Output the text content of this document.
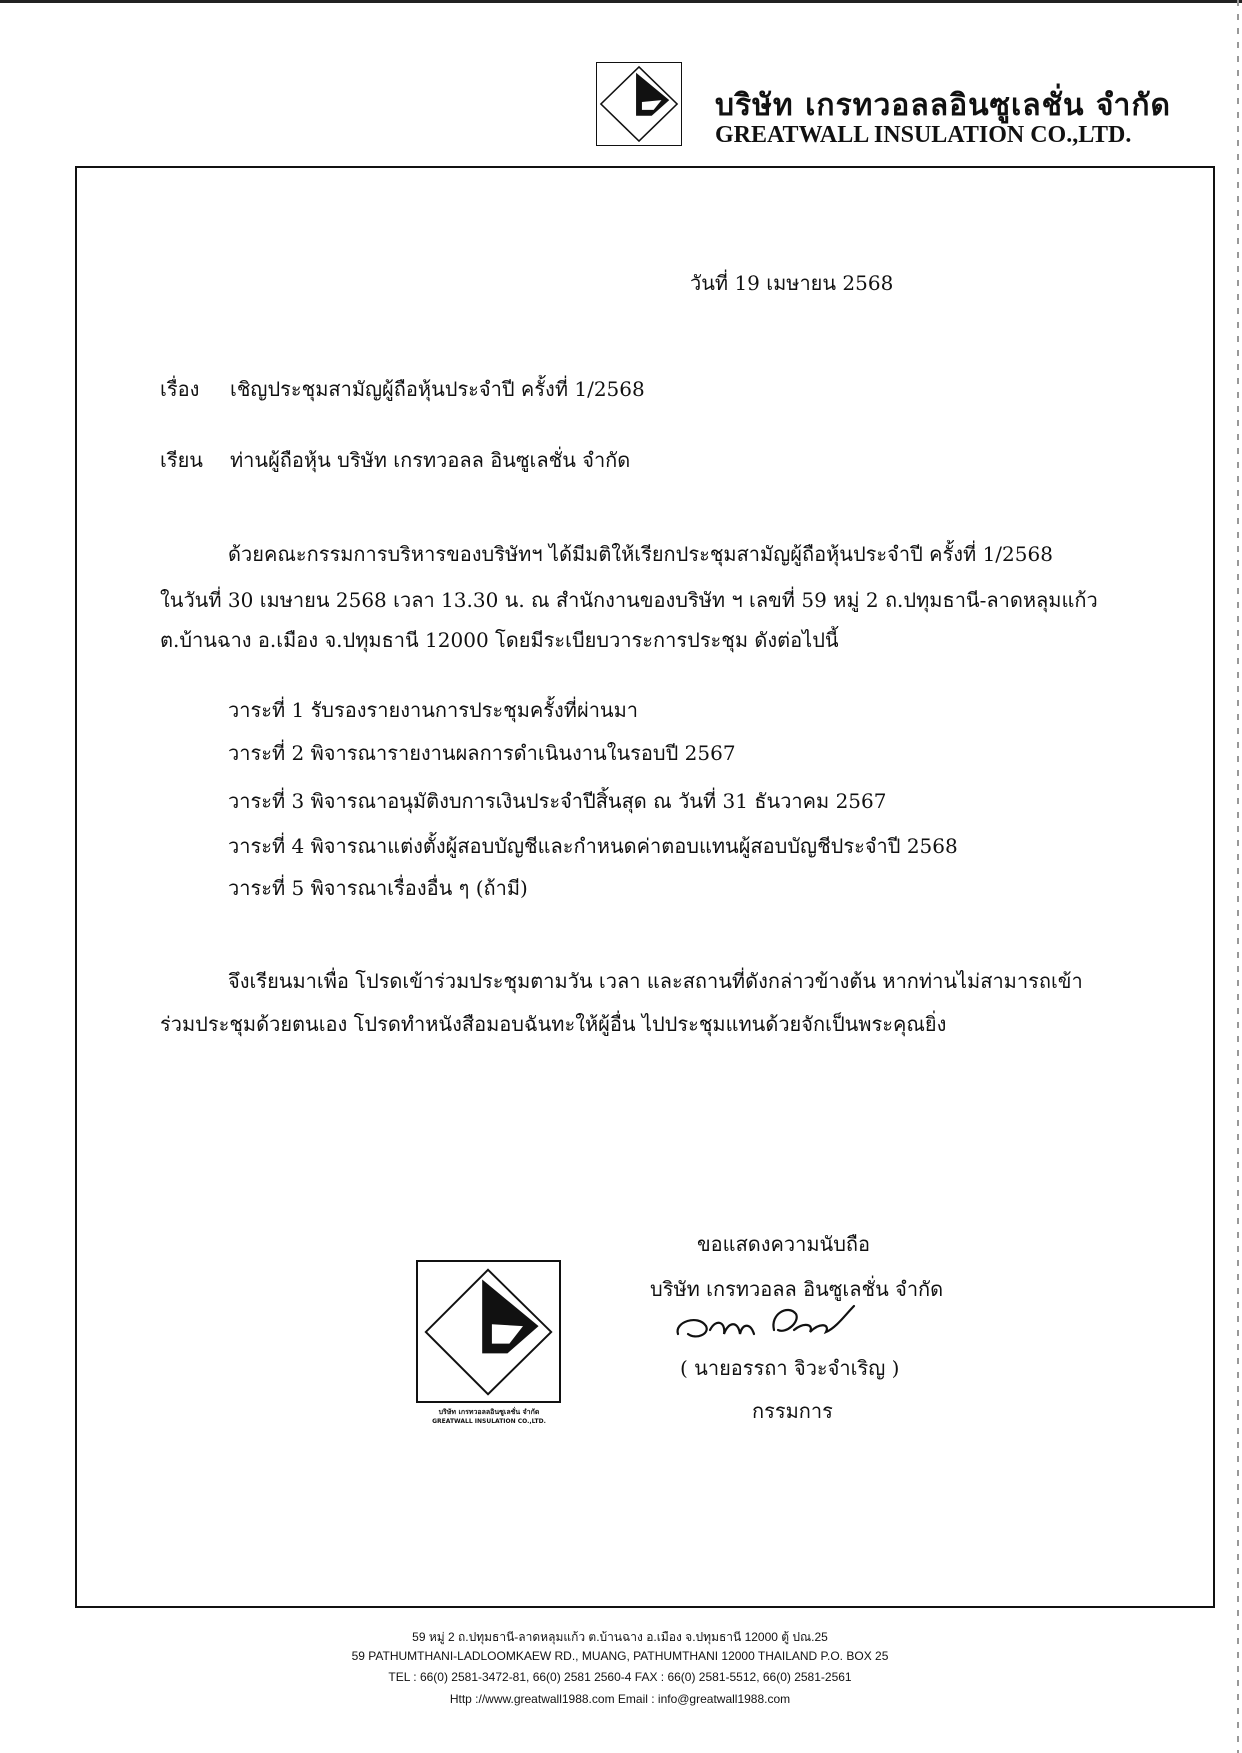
บริษัท เกรทวอลลอินซูเลชั่น จำกัด
GREATWALL INSULATION CO.,LTD.
วันที่ 19 เมษายน 2568
เรื่อง เชิญประชุมสามัญผู้ถือหุ้นประจำปี ครั้งที่ 1/2568
เรียน ท่านผู้ถือหุ้น บริษัท เกรทวอลล อินซูเลชั่น จำกัด
ด้วยคณะกรรมการบริหารของบริษัทฯ ได้มีมติให้เรียกประชุมสามัญผู้ถือหุ้นประจำปี ครั้งที่ 1/2568
ในวันที่ 30 เมษายน 2568 เวลา 13.30 น. ณ สำนักงานของบริษัท ฯ เลขที่ 59 หมู่ 2 ถ.ปทุมธานี-ลาดหลุมแก้ว
ต.บ้านฉาง อ.เมือง จ.ปทุมธานี 12000 โดยมีระเบียบวาระการประชุม ดังต่อไปนี้
วาระที่ 1 รับรองรายงานการประชุมครั้งที่ผ่านมา
วาระที่ 2 พิจารณารายงานผลการดำเนินงานในรอบปี 2567
วาระที่ 3 พิจารณาอนุมัติงบการเงินประจำปีสิ้นสุด ณ วันที่ 31 ธันวาคม 2567
วาระที่ 4 พิจารณาแต่งตั้งผู้สอบบัญชีและกำหนดค่าตอบแทนผู้สอบบัญชีประจำปี 2568
วาระที่ 5 พิจารณาเรื่องอื่น ๆ (ถ้ามี)
จึงเรียนมาเพื่อ โปรดเข้าร่วมประชุมตามวัน เวลา และสถานที่ดังกล่าวข้างต้น หากท่านไม่สามารถเข้า
ร่วมประชุมด้วยตนเอง โปรดทำหนังสือมอบฉันทะให้ผู้อื่น ไปประชุมแทนด้วยจักเป็นพระคุณยิ่ง
บริษัท เกรทวอลลอินซูเลชั่น จำกัด
GREATWALL INSULATION CO.,LTD.
ขอแสดงความนับถือ
บริษัท เกรทวอลล อินซูเลชั่น จำกัด
( นายอรรถา จิวะจำเริญ )
กรรมการ
59 หมู่ 2 ถ.ปทุมธานี-ลาดหลุมแก้ว ต.บ้านฉาง อ.เมือง จ.ปทุมธานี 12000 ตู้ ปณ.25
59 PATHUMTHANI-LADLOOMKAEW RD., MUANG, PATHUMTHANI 12000 THAILAND P.O. BOX 25
TEL : 66(0) 2581-3472-81, 66(0) 2581 2560-4 FAX : 66(0) 2581-5512, 66(0) 2581-2561
Http ://www.greatwall1988.com Email : info@greatwall1988.com
